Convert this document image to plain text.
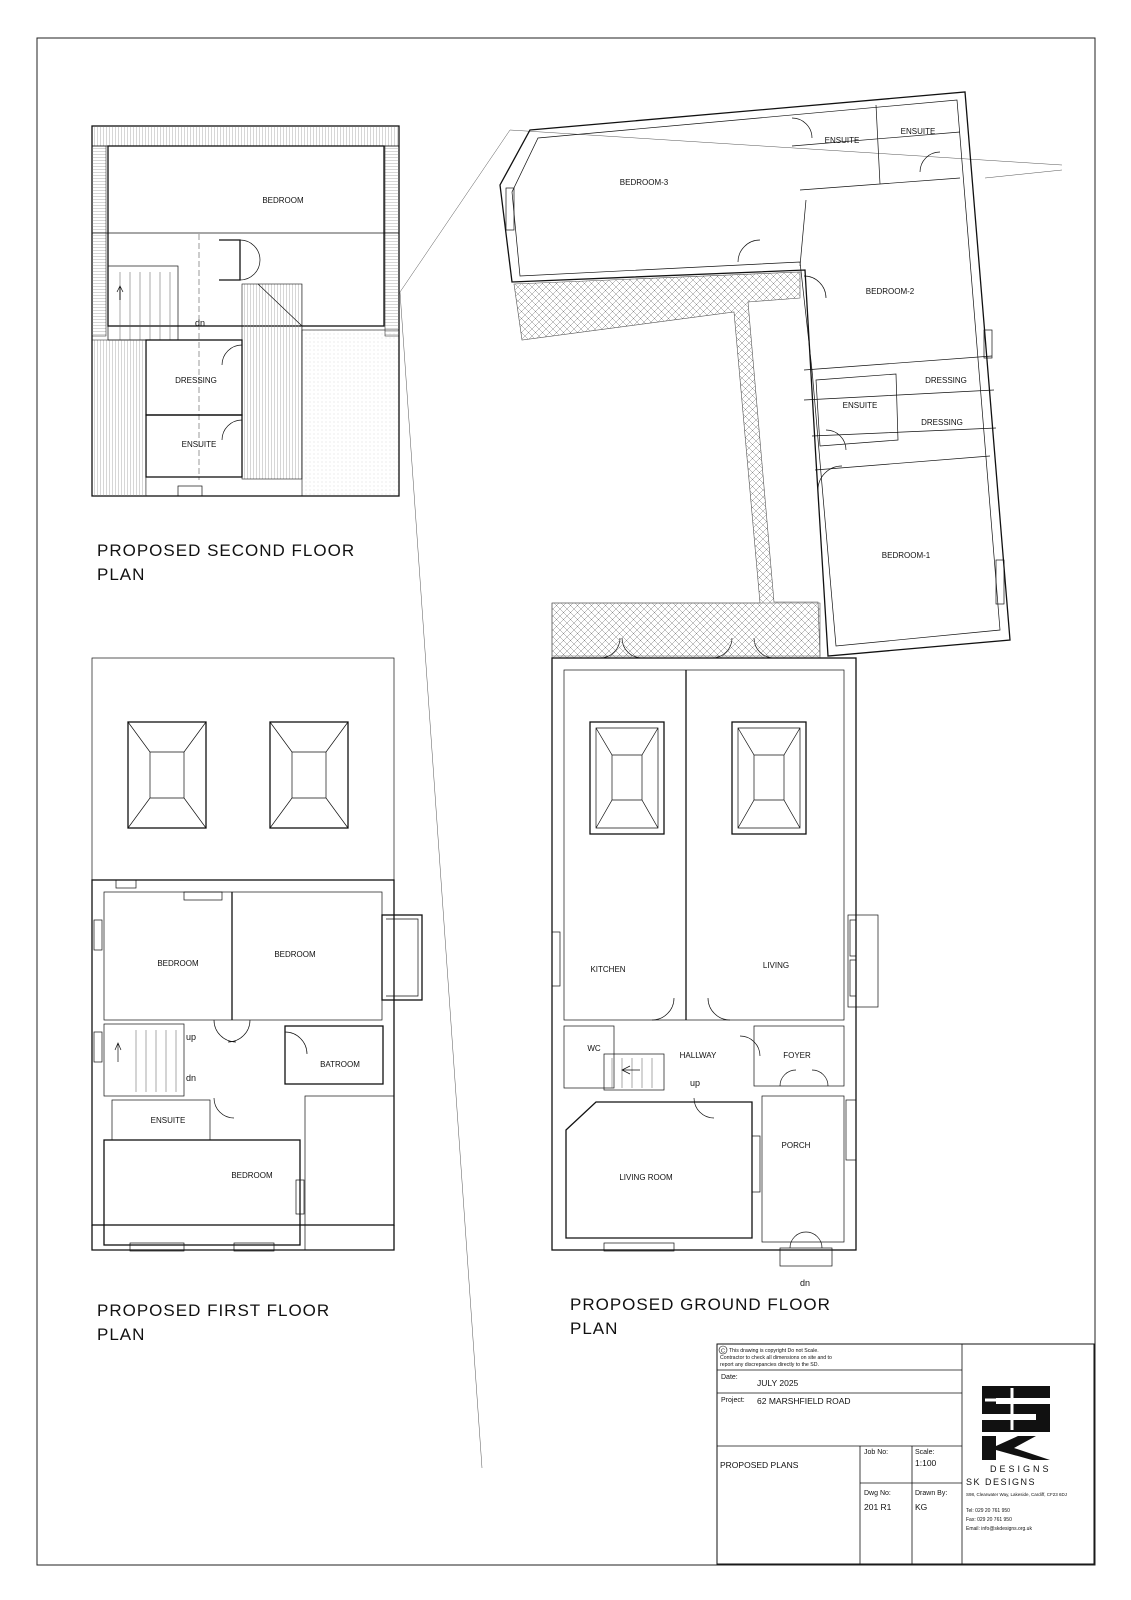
dn
BEDROOM
DRESSING
ENSUITE
PROPOSED SECOND FLOOR
PLAN
up
dn
BEDROOM
BEDROOM
BATROOM
ENSUITE
BEDROOM
PROPOSED FIRST FLOOR
PLAN
up
dn
KITCHEN	LIVING
WC
HALLWAY	FOYER
PORCH
LIVING ROOM
PROPOSED GROUND FLOOR
PLAN
BEDROOM-3
ENSUITE
ENSUITE
BEDROOM-2
DRESSING
DRESSING
ENSUITE
BEDROOM-1
C This drawing is copyright Do not Scale.
Contractor to check all dimensions on site and to
report any discrepancies directly to the SD.
Date:
JULY 2025
Project: 62 MARSHFIELD ROAD
PROPOSED PLANS
Job No:	Scale:
1:100
Dwg No:
201 R1
Drawn By:
KG
DESIGNS
SK DESIGNS
S98, Clearwater Way, Lakeside, Cardiff, CF23 6DJ
Tel: 029 20 761 950
Fax: 029 20 761 950
Email: info@skdesigns.org.uk
